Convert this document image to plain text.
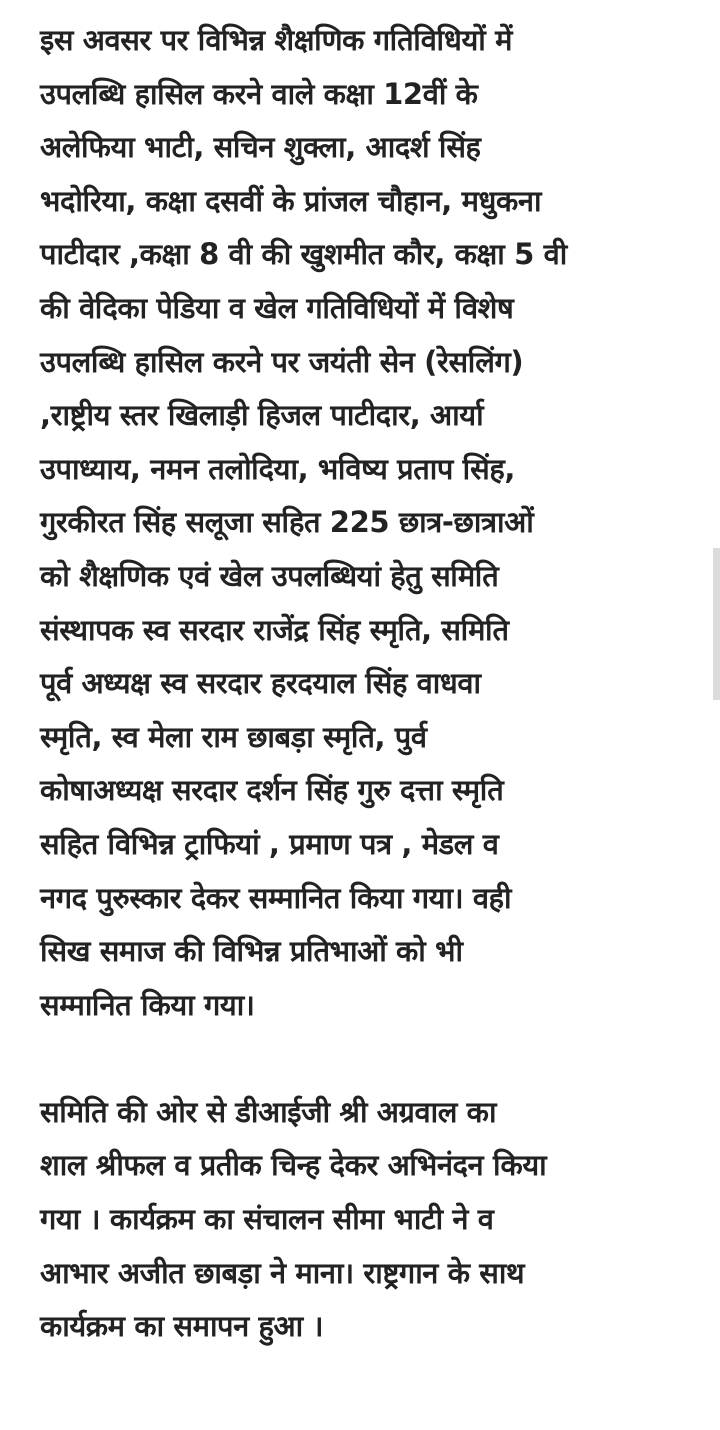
इस अवसर पर विभिन्न शैक्षणिक गतिविधियों में
उपलब्धि हासिल करने वाले कक्षा 12वीं के
अलेफिया भाटी, सचिन शुक्ला, आदर्श सिंह
भदोरिया, कक्षा दसवीं के प्रांजल चौहान, मधुकना
पाटीदार ,कक्षा 8 वी की खुशमीत कौर, कक्षा 5 वी
की वेदिका पेडिया व खेल गतिविधियों में विशेष
उपलब्धि हासिल करने पर जयंती सेन (रेसलिंग)
,राष्ट्रीय स्तर खिलाड़ी हिजल पाटीदार, आर्या
उपाध्याय, नमन तलोदिया, भविष्य प्रताप सिंह,
गुरकीरत सिंह सलूजा सहित 225 छात्र-छात्राओं
को शैक्षणिक एवं खेल उपलब्धियां हेतु समिति
संस्थापक स्व सरदार राजेंद्र सिंह स्मृति, समिति
पूर्व अध्यक्ष स्व सरदार हरदयाल सिंह वाधवा
स्मृति, स्व मेला राम छाबड़ा स्मृति, पुर्व
कोषाअध्यक्ष सरदार दर्शन सिंह गुरु दत्ता स्मृति
सहित विभिन्न ट्राफियां , प्रमाण पत्र , मेडल व
नगद पुरुस्कार देकर सम्मानित किया गया। वही
सिख समाज की विभिन्न प्रतिभाओं को भी
सम्मानित किया गया।
समिति की ओर से डीआईजी श्री अग्रवाल का
शाल श्रीफल व प्रतीक चिन्ह देकर अभिनंदन किया
गया । कार्यक्रम का संचालन सीमा भाटी ने व
आभार अजीत छाबड़ा ने माना। राष्ट्रगान के साथ
कार्यक्रम का समापन हुआ ।
